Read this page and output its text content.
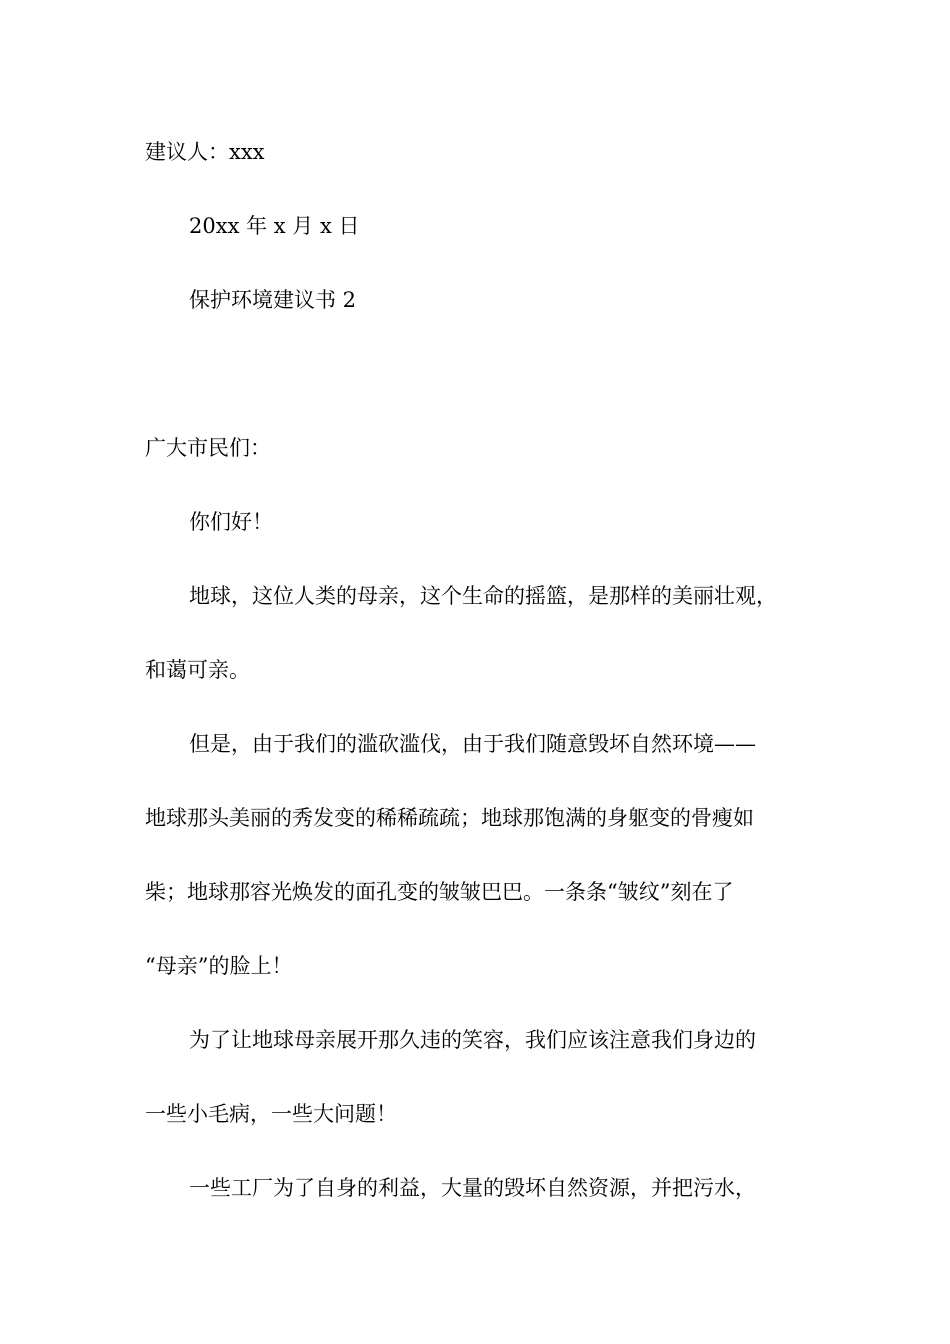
建议人：xxx
20xx 年 x 月 x 日
保护环境建议书 2
广大市民们：
你们好！
地球，这位人类的母亲，这个生命的摇篮，是那样的美丽壮观，
和蔼可亲。
但是，由于我们的滥砍滥伐，由于我们随意毁坏自然环境——
地球那头美丽的秀发变的稀稀疏疏；地球那饱满的身躯变的骨瘦如
柴；地球那容光焕发的面孔变的皱皱巴巴。一条条“皱纹”刻在了
“母亲”的脸上！
为了让地球母亲展开那久违的笑容，我们应该注意我们身边的
一些小毛病，一些大问题！
一些工厂为了自身的利益，大量的毁坏自然资源，并把污水，
